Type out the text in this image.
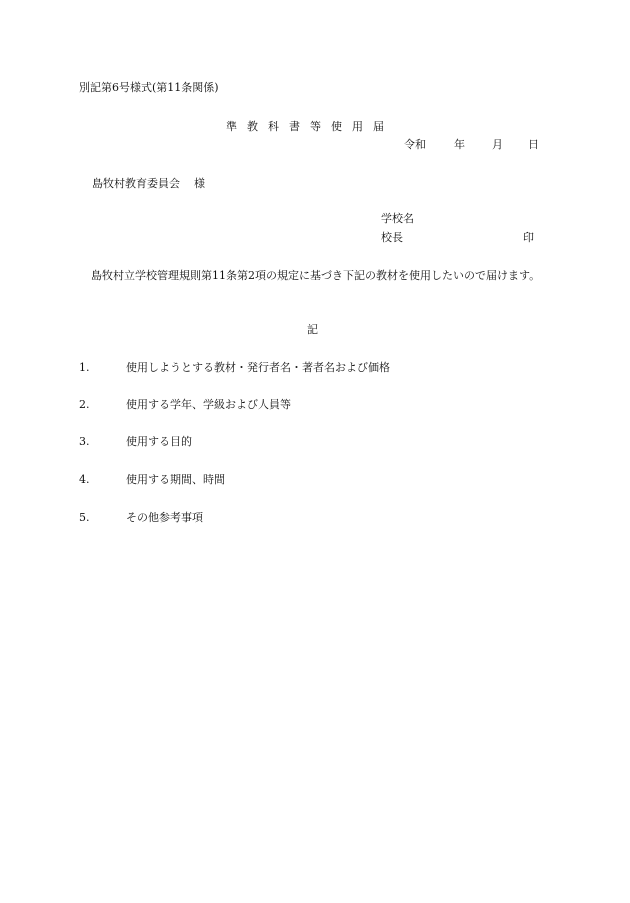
別記第6号様式(第11条関係)
準教科書等使用届
令和	年 月 日
島牧村教育委員会 様
学校名
校長	印
島牧村立学校管理規則第11条第2項の規定に基づき下記の教材を使用したいので届けます。
記
1.	使用しようとする教材・発行者名・著者名および価格
2.	使用する学年、学級および人員等
3.	使用する目的
4.	使用する期間、時間
5.	その他参考事項
